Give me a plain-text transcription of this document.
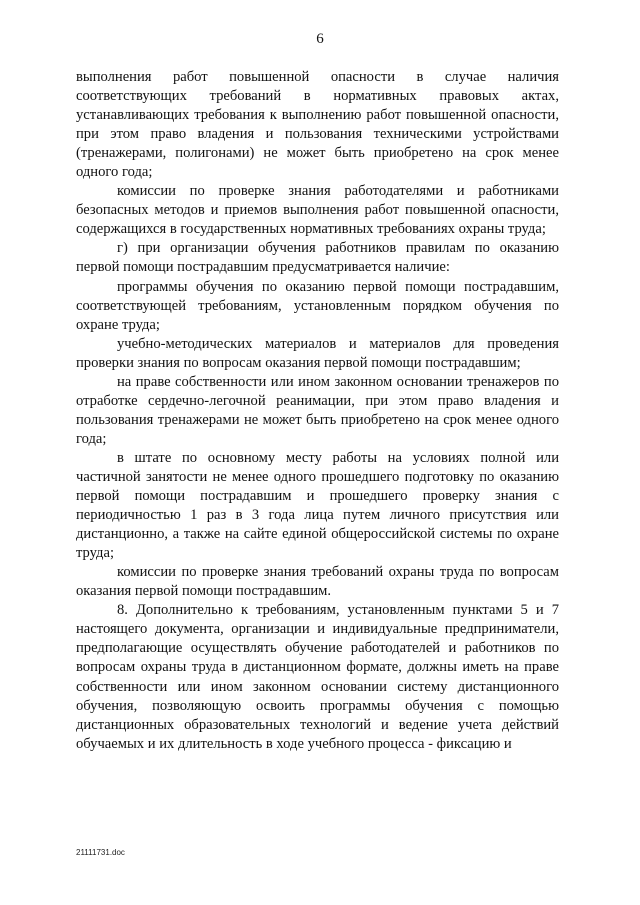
6

выполнения работ повышенной опасности в случае наличия соответствующих требований в нормативных правовых актах, устанавливающих требования к выполнению работ повышенной опасности, при этом право владения и пользования техническими устройствами (тренажерами, полигонами) не может быть приобретено на срок менее одного года;

комиссии по проверке знания работодателями и работниками безопасных методов и приемов выполнения работ повышенной опасности, содержащихся в государственных нормативных требованиях охраны труда;

г) при организации обучения работников правилам по оказанию первой помощи пострадавшим предусматривается наличие:

программы обучения по оказанию первой помощи пострадавшим, соответствующей требованиям, установленным порядком обучения по охране труда;

учебно-методических материалов и материалов для проведения проверки знания по вопросам оказания первой помощи пострадавшим;

на праве собственности или ином законном основании тренажеров по отработке сердечно-легочной реанимации, при этом право владения и пользования тренажерами не может быть приобретено на срок менее одного года;

в штате по основному месту работы на условиях полной или частичной занятости не менее одного прошедшего подготовку по оказанию первой помощи пострадавшим и прошедшего проверку знания с периодичностью 1 раз в 3 года лица путем личного присутствия или дистанционно, а также на сайте единой общероссийской системы по охране труда;

комиссии по проверке знания требований охраны труда по вопросам оказания первой помощи пострадавшим.

8. Дополнительно к требованиям, установленным пунктами 5 и 7 настоящего документа, организации и индивидуальные предприниматели, предполагающие осуществлять обучение работодателей и работников по вопросам охраны труда в дистанционном формате, должны иметь на праве собственности или ином законном основании систему дистанционного обучения, позволяющую освоить программы обучения с помощью дистанционных образовательных технологий и ведение учета действий обучаемых и их длительность в ходе учебного процесса - фиксацию и

21111731.doc
